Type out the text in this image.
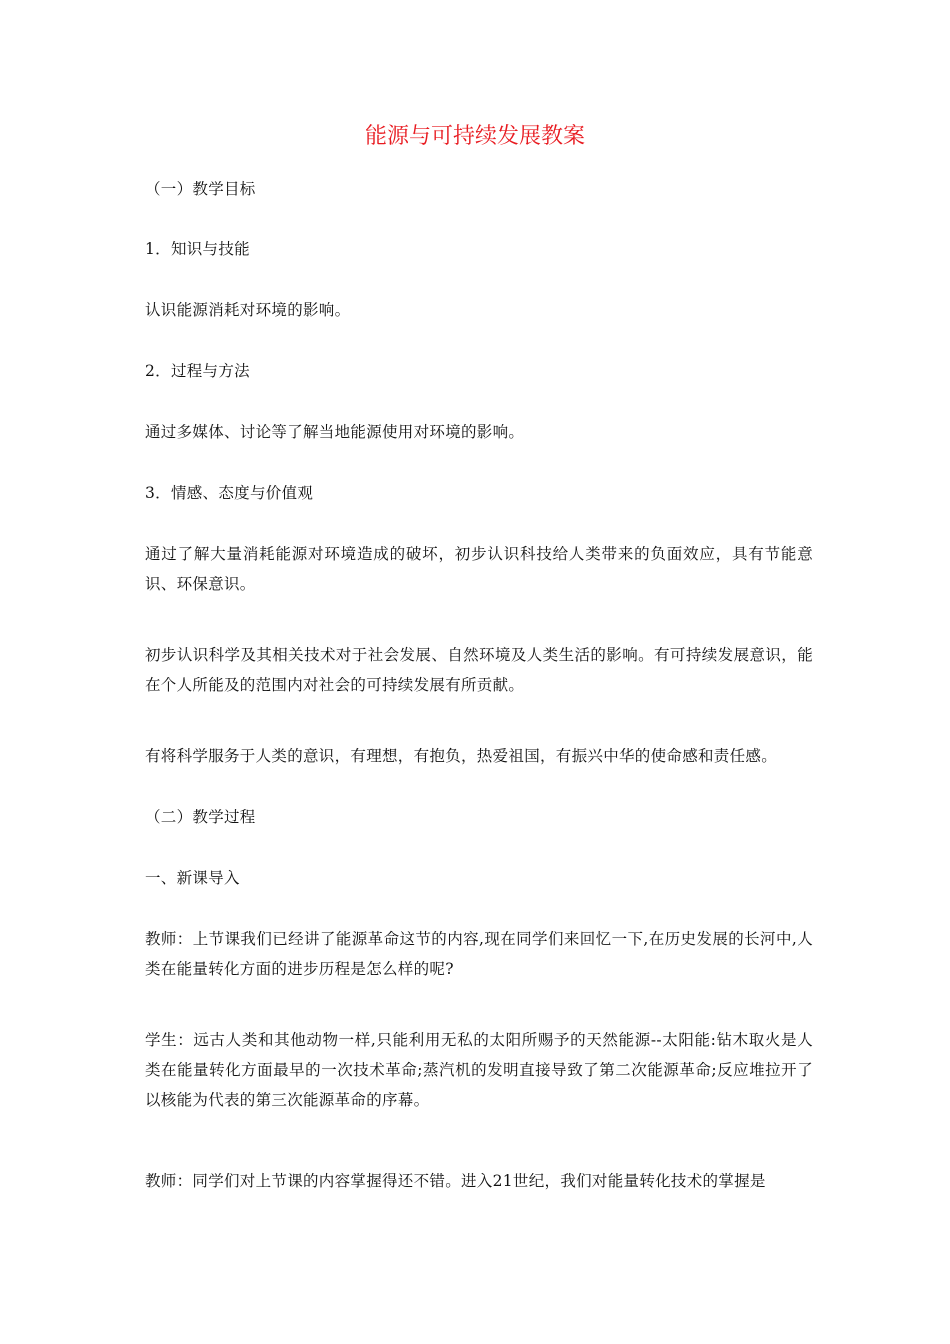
能源与可持续发展教案

（一）教学目标

1．知识与技能

认识能源消耗对环境的影响。

2．过程与方法

通过多媒体、讨论等了解当地能源使用对环境的影响。

3．情感、态度与价值观

通过了解大量消耗能源对环境造成的破坏，初步认识科技给人类带来的负面效应，具有节能意识、环保意识。

初步认识科学及其相关技术对于社会发展、自然环境及人类生活的影响。有可持续发展意识，能在个人所能及的范围内对社会的可持续发展有所贡献。

有将科学服务于人类的意识，有理想，有抱负，热爱祖国，有振兴中华的使命感和责任感。

（二）教学过程

一、新课导入

教师：上节课我们已经讲了能源革命这节的内容,现在同学们来回忆一下,在历史发展的长河中,人类在能量转化方面的进步历程是怎么样的呢?

学生：远古人类和其他动物一样,只能利用无私的太阳所赐予的天然能源--太阳能:钻木取火是人类在能量转化方面最早的一次技术革命;蒸汽机的发明直接导致了第二次能源革命;反应堆拉开了以核能为代表的第三次能源革命的序幕。

教师：同学们对上节课的内容掌握得还不错。进入21世纪，我们对能量转化技术的掌握是
